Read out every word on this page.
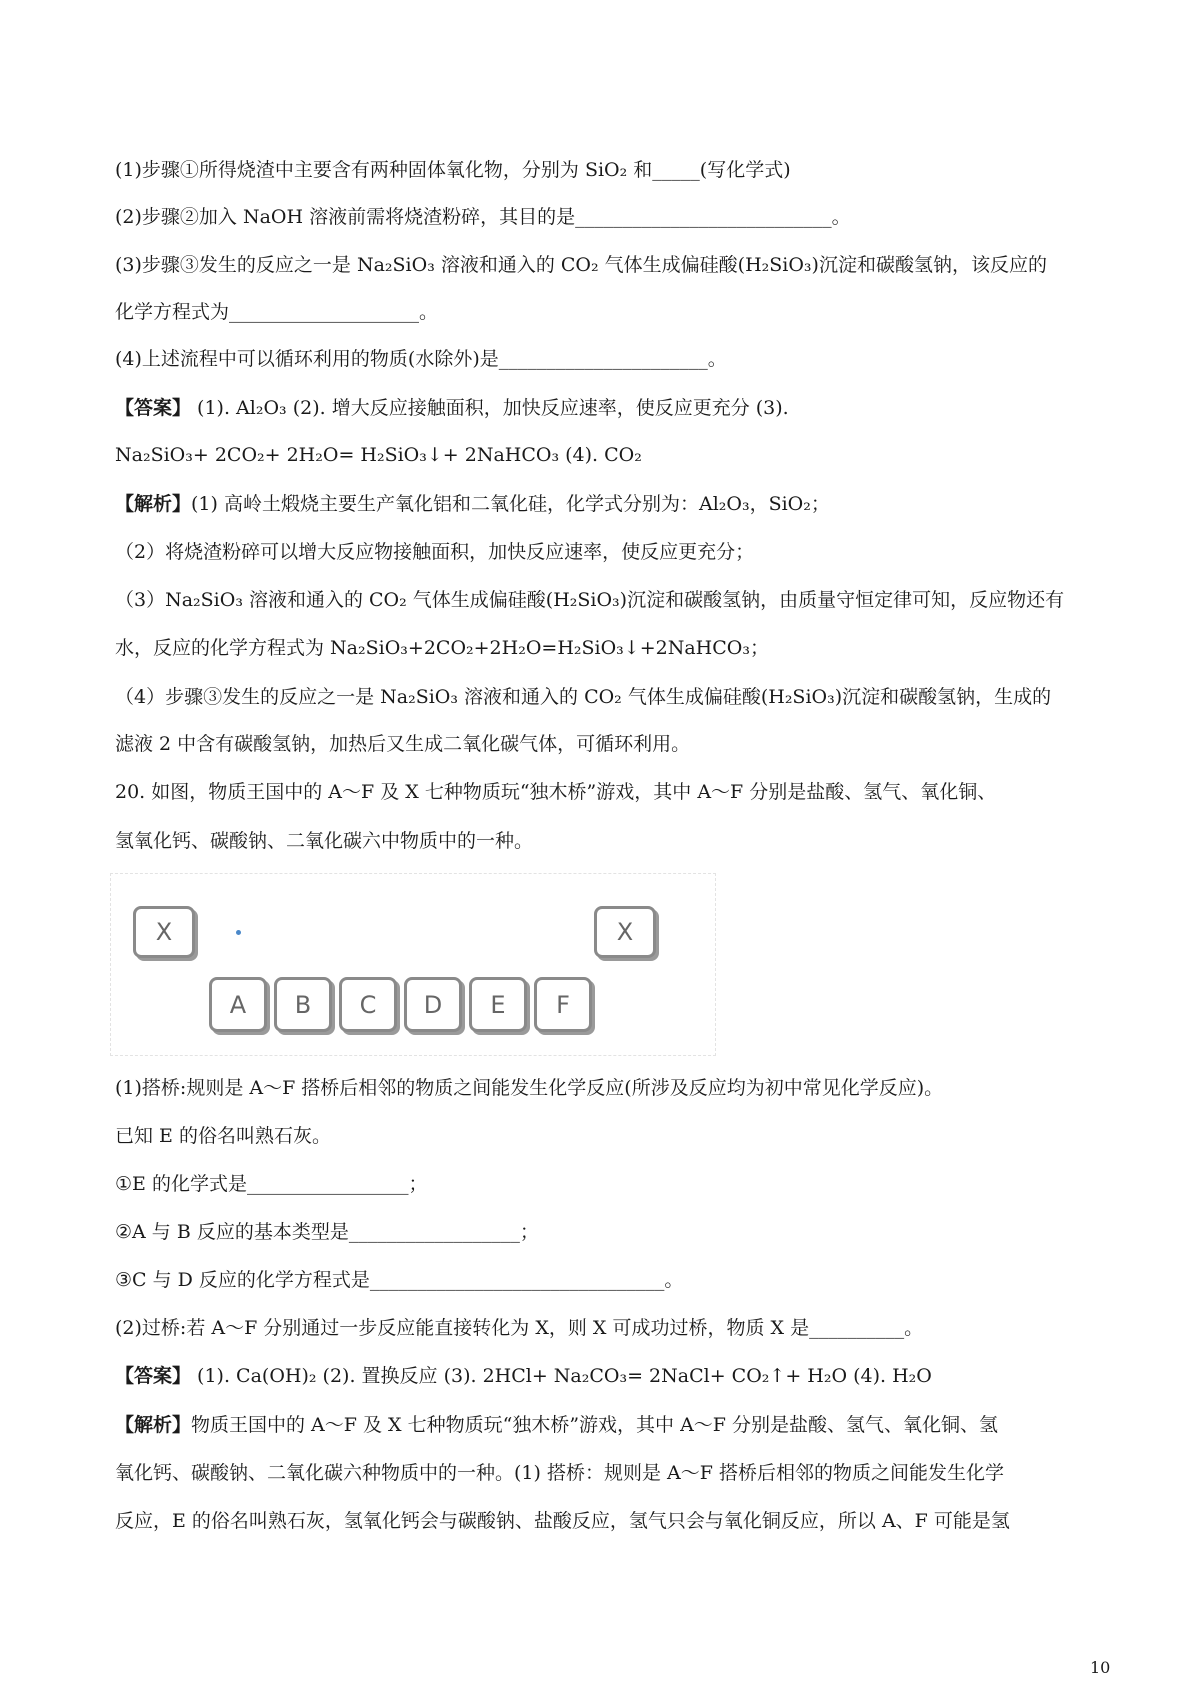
(1)步骤①所得烧渣中主要含有两种固体氧化物，分别为 SiO₂ 和_____(写化学式)
(2)步骤②加入 NaOH 溶液前需将烧渣粉碎，其目的是___________________________。
(3)步骤③发生的反应之一是 Na₂SiO₃ 溶液和通入的 CO₂ 气体生成偏硅酸(H₂SiO₃)沉淀和碳酸氢钠，该反应的
化学方程式为____________________。
(4)上述流程中可以循环利用的物质(水除外)是______________________。
【答案】 (1). Al₂O₃ (2). 增大反应接触面积，加快反应速率，使反应更充分 (3).
Na₂SiO₃+ 2CO₂+ 2H₂O= H₂SiO₃↓+ 2NaHCO₃ (4). CO₂
【解析】(1) 高岭土煅烧主要生产氧化铝和二氧化硅，化学式分别为：Al₂O₃，SiO₂；
（2）将烧渣粉碎可以增大反应物接触面积，加快反应速率，使反应更充分；
（3）Na₂SiO₃ 溶液和通入的 CO₂ 气体生成偏硅酸(H₂SiO₃)沉淀和碳酸氢钠，由质量守恒定律可知，反应物还有
水，反应的化学方程式为 Na₂SiO₃+2CO₂+2H₂O=H₂SiO₃↓+2NaHCO₃；
（4）步骤③发生的反应之一是 Na₂SiO₃ 溶液和通入的 CO₂ 气体生成偏硅酸(H₂SiO₃)沉淀和碳酸氢钠，生成的
滤液 2 中含有碳酸氢钠，加热后又生成二氧化碳气体，可循环利用。
20. 如图，物质王国中的 A～F 及 X 七种物质玩“独木桥”游戏，其中 A～F 分别是盐酸、氢气、氧化铜、
氢氧化钙、碳酸钠、二氧化碳六中物质中的一种。
X	X
A	B	C	D	E	F
(1)搭桥:规则是 A～F 搭桥后相邻的物质之间能发生化学反应(所涉及反应均为初中常见化学反应)。
已知 E 的俗名叫熟石灰。
①E 的化学式是_________________；
②A 与 B 反应的基本类型是__________________；
③C 与 D 反应的化学方程式是_______________________________。
(2)过桥:若 A～F 分别通过一步反应能直接转化为 X，则 X 可成功过桥，物质 X 是__________。
【答案】 (1). Ca(OH)₂ (2). 置换反应 (3). 2HCl+ Na₂CO₃= 2NaCl+ CO₂↑+ H₂O (4). H₂O
【解析】物质王国中的 A～F 及 X 七种物质玩“独木桥”游戏，其中 A～F 分别是盐酸、氢气、氧化铜、氢
氧化钙、碳酸钠、二氧化碳六种物质中的一种。(1) 搭桥：规则是 A～F 搭桥后相邻的物质之间能发生化学
反应，E 的俗名叫熟石灰，氢氧化钙会与碳酸钠、盐酸反应，氢气只会与氧化铜反应，所以 A、F 可能是氢
10
